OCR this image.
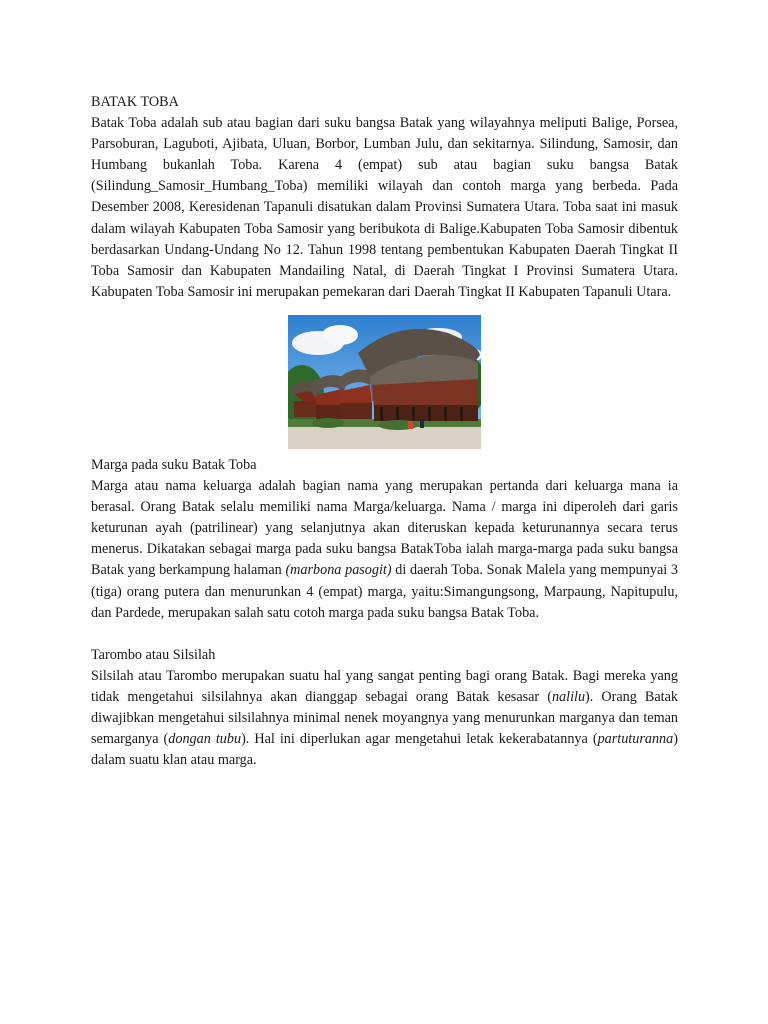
BATAK TOBA

Batak Toba adalah sub atau bagian dari suku bangsa Batak yang wilayahnya meliputi Balige, Porsea, Parsoburan, Laguboti, Ajibata, Uluan, Borbor, Lumban Julu, dan sekitarnya. Silindung, Samosir, dan Humbang bukanlah Toba. Karena 4 (empat) sub atau bagian suku bangsa Batak (Silindung_Samosir_Humbang_Toba) memiliki wilayah dan contoh marga yang berbeda. Pada Desember 2008, Keresidenan Tapanuli disatukan dalam Provinsi Sumatera Utara. Toba saat ini masuk dalam wilayah Kabupaten Toba Samosir yang beribukota di Balige.Kabupaten Toba Samosir dibentuk berdasarkan Undang-Undang No 12. Tahun 1998 tentang pembentukan Kabupaten Daerah Tingkat II Toba Samosir dan Kabupaten Mandailing Natal, di Daerah Tingkat I Provinsi Sumatera Utara. Kabupaten Toba Samosir ini merupakan pemekaran dari Daerah Tingkat II Kabupaten Tapanuli Utara.

Marga pada suku Batak Toba

Marga atau nama keluarga adalah bagian nama yang merupakan pertanda dari keluarga mana ia berasal. Orang Batak selalu memiliki nama Marga/keluarga. Nama / marga ini diperoleh dari garis keturunan ayah (patrilinear) yang selanjutnya akan diteruskan kepada keturunannya secara terus menerus. Dikatakan sebagai marga pada suku bangsa BatakToba ialah marga-marga pada suku bangsa Batak yang berkampung halaman (marbona pasogit) di daerah Toba. Sonak Malela yang mempunyai 3 (tiga) orang putera dan menurunkan 4 (empat) marga, yaitu:Simangungsong, Marpaung, Napitupulu, dan Pardede, merupakan salah satu cotoh marga pada suku bangsa Batak Toba.

Tarombo atau Silsilah

Silsilah atau Tarombo merupakan suatu hal yang sangat penting bagi orang Batak. Bagi mereka yang tidak mengetahui silsilahnya akan dianggap sebagai orang Batak kesasar (nalilu). Orang Batak diwajibkan mengetahui silsilahnya minimal nenek moyangnya yang menurunkan marganya dan teman semarganya (dongan tubu). Hal ini diperlukan agar mengetahui letak kekerabatannya (partuturanna) dalam suatu klan atau marga.
